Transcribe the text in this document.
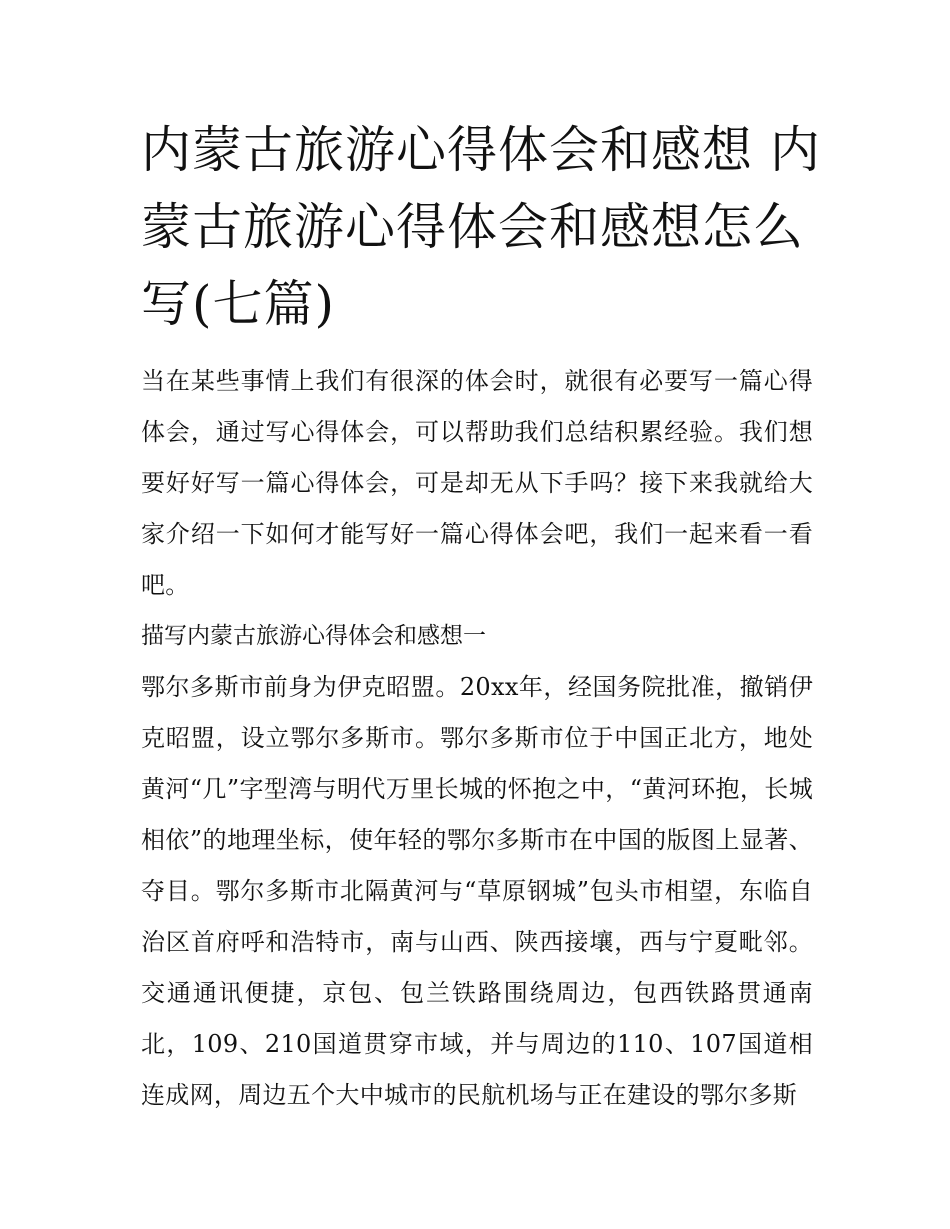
内蒙古旅游心得体会和感想 内蒙古旅游心得体会和感想怎么写(七篇)

当在某些事情上我们有很深的体会时，就很有必要写一篇心得体会，通过写心得体会，可以帮助我们总结积累经验。我们想要好好写一篇心得体会，可是却无从下手吗？接下来我就给大家介绍一下如何才能写好一篇心得体会吧，我们一起来看一看吧。

描写内蒙古旅游心得体会和感想一

鄂尔多斯市前身为伊克昭盟。20xx年，经国务院批准，撤销伊克昭盟，设立鄂尔多斯市。鄂尔多斯市位于中国正北方，地处黄河“几”字型湾与明代万里长城的怀抱之中，“黄河环抱，长城相依”的地理坐标，使年轻的鄂尔多斯市在中国的版图上显著、夺目。鄂尔多斯市北隔黄河与“草原钢城”包头市相望，东临自治区首府呼和浩特市，南与山西、陕西接壤，西与宁夏毗邻。交通通讯便捷，京包、包兰铁路围绕周边，包西铁路贯通南北，109、210国道贯穿市域，并与周边的110、107国道相连成网，周边五个大中城市的民航机场与正在建设的鄂尔多斯
